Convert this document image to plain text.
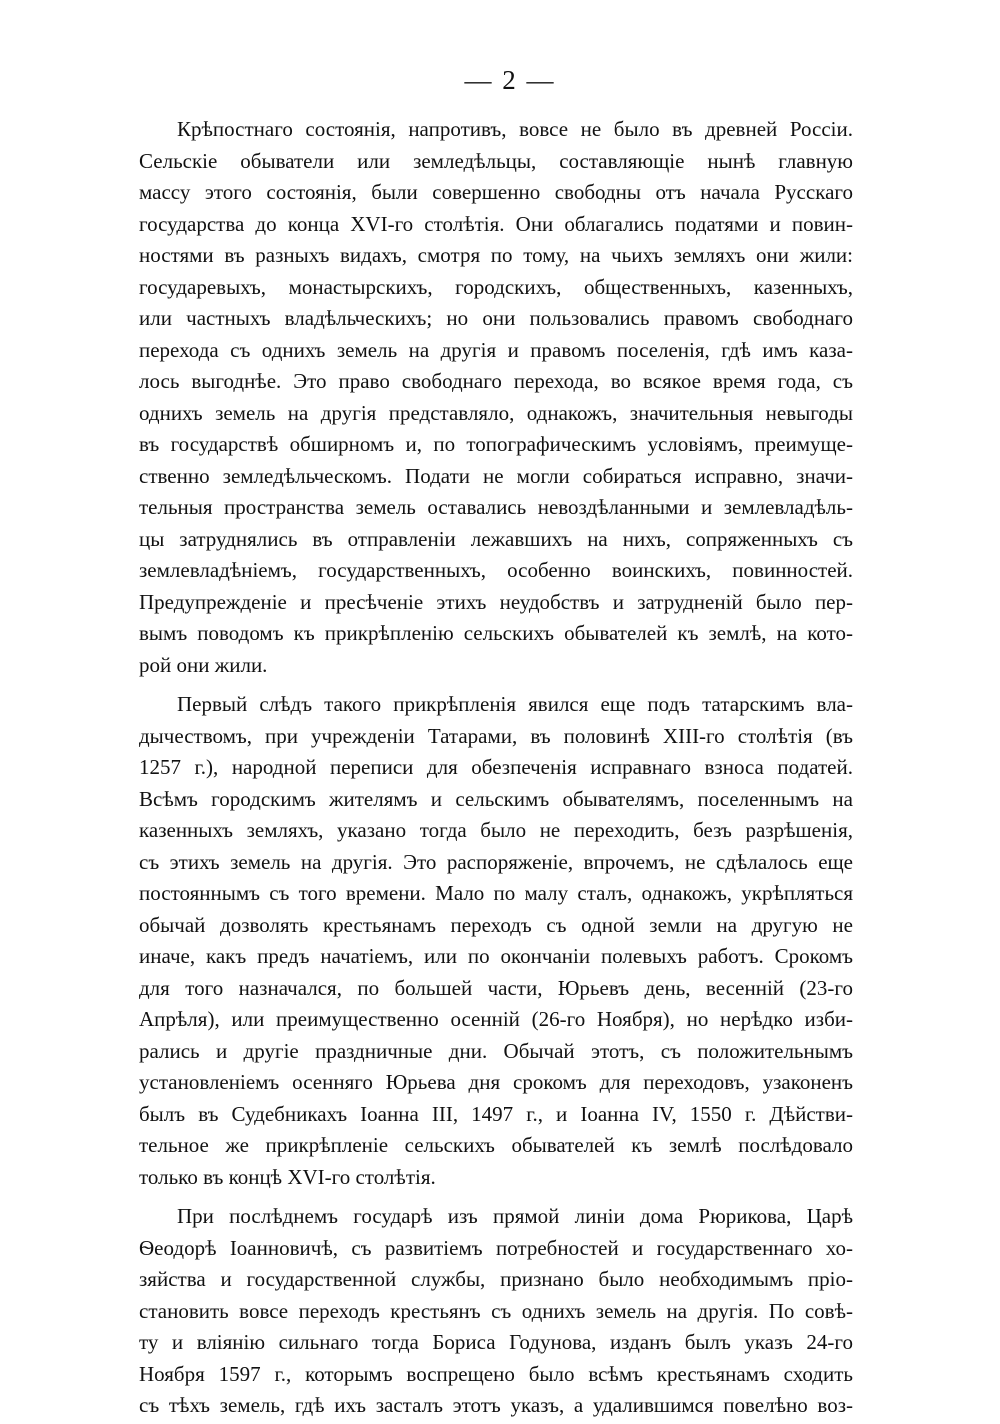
— 2 —
Крѣпостнаго состоянія, напротивъ, вовсе не было въ древней Россіи.
Сельскіе обыватели или земледѣльцы, составляющіе нынѣ главную
массу этого состоянія, были совершенно свободны отъ начала Русскаго
государства до конца XVI-го столѣтія. Они облагались податями и повин-
ностями въ разныхъ видахъ, смотря по тому, на чьихъ земляхъ они жили:
государевыхъ, монастырскихъ, городскихъ, общественныхъ, казенныхъ,
или частныхъ владѣльческихъ; но они пользовались правомъ свободнаго
перехода съ однихъ земель на другія и правомъ поселенія, гдѣ имъ каза-
лось выгоднѣе. Это право свободнаго перехода, во всякое время года, съ
однихъ земель на другія представляло, однакожъ, значительныя невыгоды
въ государствѣ обширномъ и, по топографическимъ условіямъ, преимуще-
ственно земледѣльческомъ. Подати не могли собираться исправно, значи-
тельныя пространства земель оставались невоздѣланными и землевладѣль-
цы затруднялись въ отправленіи лежавшихъ на нихъ, сопряженныхъ съ
землевладѣніемъ, государственныхъ, особенно воинскихъ, повинностей.
Предупрежденіе и пресѣченіе этихъ неудобствъ и затрудненій было пер-
вымъ поводомъ къ прикрѣпленію сельскихъ обывателей къ землѣ, на кото-
рой они жили.
Первый слѣдъ такого прикрѣпленія явился еще подъ татарскимъ вла-
дычествомъ, при учрежденіи Татарами, въ половинѣ XIII-го столѣтія (въ
1257 г.), народной переписи для обезпеченія исправнаго взноса податей.
Всѣмъ городскимъ жителямъ и сельскимъ обывателямъ, поселеннымъ на
казенныхъ земляхъ, указано тогда было не переходить, безъ разрѣшенія,
съ этихъ земель на другія. Это распоряженіе, впрочемъ, не сдѣлалось еще
постояннымъ съ того времени. Мало по малу сталъ, однакожъ, укрѣпляться
обычай дозволять крестьянамъ переходъ съ одной земли на другую не
иначе, какъ предъ начатіемъ, или по окончаніи полевыхъ работъ. Срокомъ
для того назначался, по большей части, Юрьевъ день, весенній (23-го
Апрѣля), или преимущественно осенній (26-го Ноября), но нерѣдко изби-
рались и другіе праздничные дни. Обычай этотъ, съ положительнымъ
установленіемъ осенняго Юрьева дня срокомъ для переходовъ, узаконенъ
былъ въ Судебникахъ Іоанна III, 1497 г., и Іоанна IV, 1550 г. Дѣйстви-
тельное же прикрѣпленіе сельскихъ обывателей къ землѣ послѣдовало
только въ концѣ XVI-го столѣтія.
При послѣднемъ государѣ изъ прямой линіи дома Рюрикова, Царѣ
Ѳеодорѣ Іоанновичѣ, съ развитіемъ потребностей и государственнаго хо-
зяйства и государственной службы, признано было необходимымъ пріо-
становить вовсе переходъ крестьянъ съ однихъ земель на другія. По совѣ-
ту и вліянію сильнаго тогда Бориса Годунова, изданъ былъ указъ 24-го
Ноября 1597 г., которымъ воспрещено было всѣмъ крестьянамъ сходить
съ тѣхъ земель, гдѣ ихъ засталъ этотъ указъ, а удалившимся повелѣно воз-
